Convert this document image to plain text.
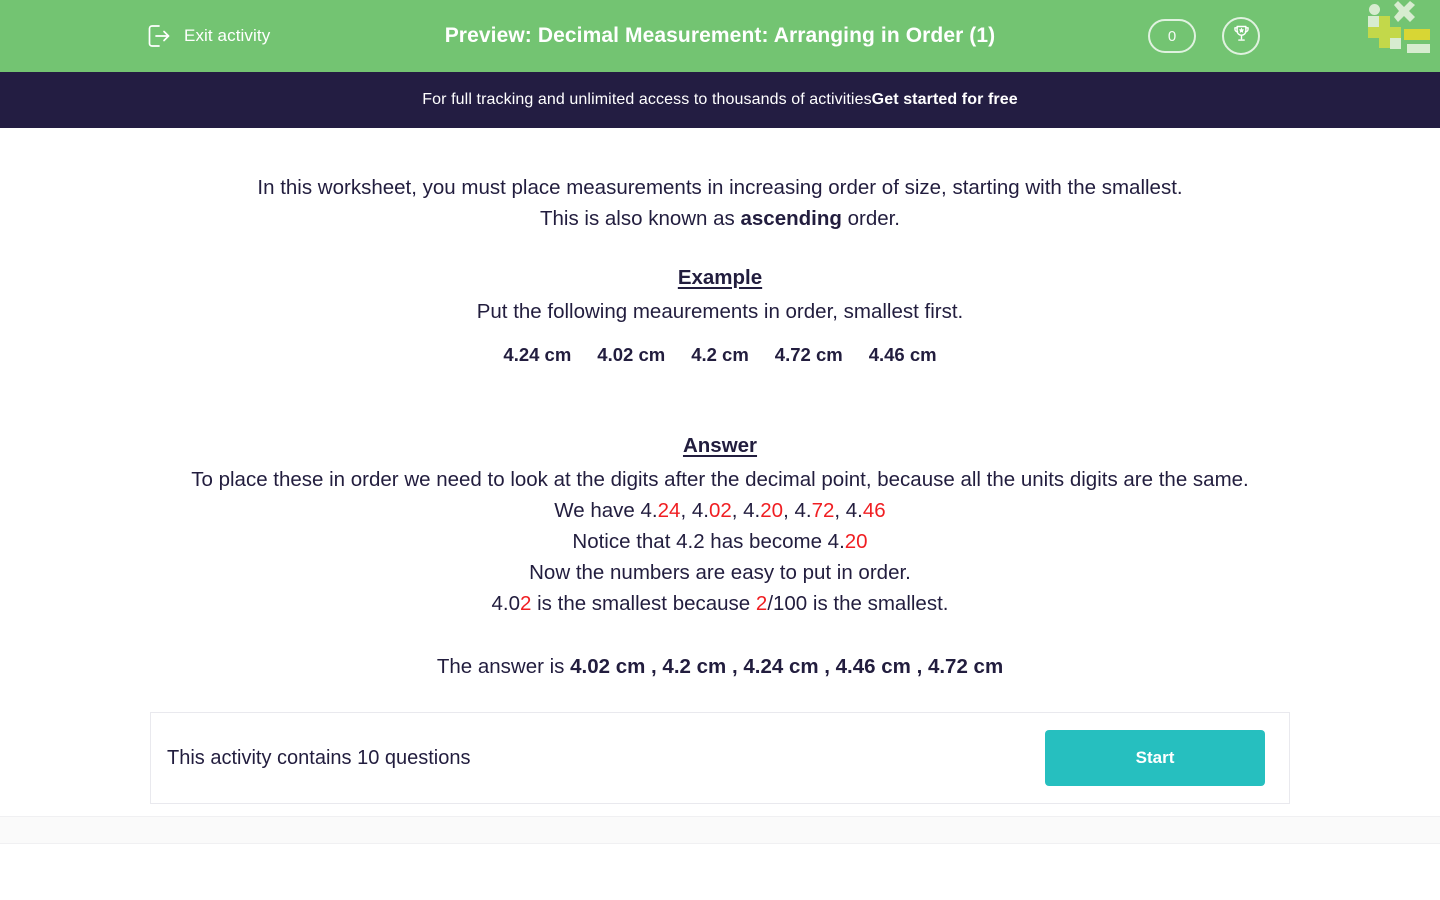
Exit activity	Preview: Decimal Measurement: Arranging in Order (1)	0
For full tracking and unlimited access to thousands of activities Get started for free
In this worksheet, you must place measurements in increasing order of size, starting with the smallest.
This is also known as ascending order.
Example
Put the following meaurements in order, smallest first.
4.24 cm 4.02 cm 4.2 cm 4.72 cm 4.46 cm
Answer
To place these in order we need to look at the digits after the decimal point, because all the units digits are the same.
We have 4.24, 4.02, 4.20, 4.72, 4.46
Notice that 4.2 has become 4.20
Now the numbers are easy to put in order.
4.02 is the smallest because 2/100 is the smallest.
The answer is 4.02 cm , 4.2 cm , 4.24 cm , 4.46 cm , 4.72 cm
This activity contains 10 questions	Start
